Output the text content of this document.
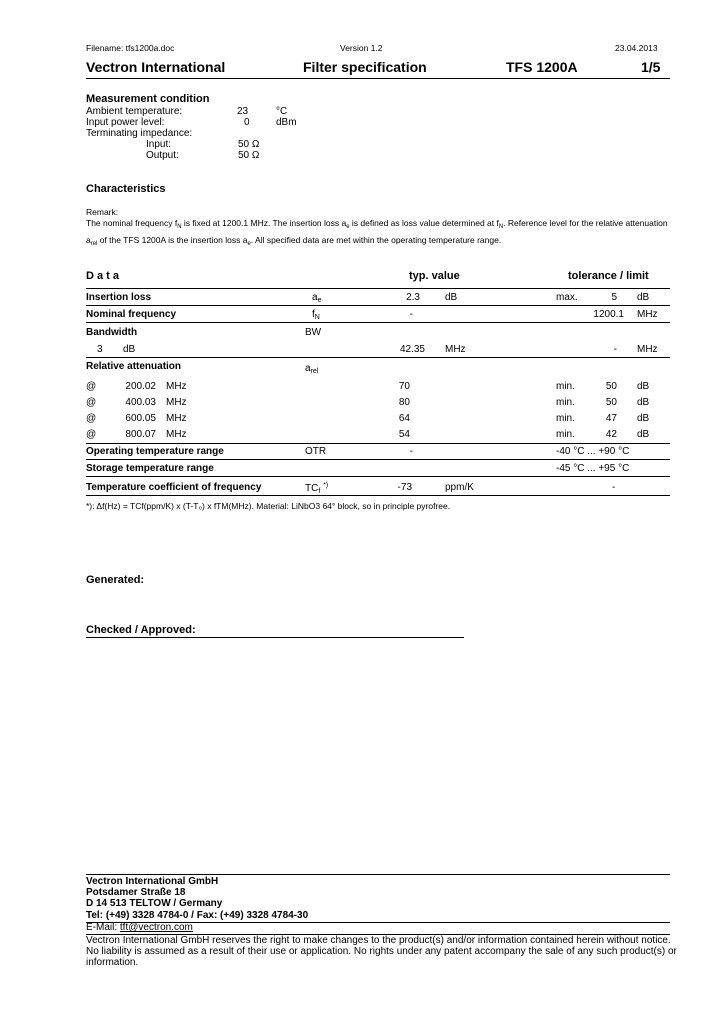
Filename: tfs1200a.doc	Version 1.2	23.04.2013
Vectron International	Filter specification	TFS 1200A	1/5
Measurement condition
Ambient temperature:	23	°C
Input power level:	0	dBm
Terminating impedance:
Input:	50 Ω
Output:	50 Ω
Characteristics
Remark:
The nominal frequency $f_N$ is fixed at 1200.1 MHz. The insertion loss $a_e$ is defined as loss value determined at $f_N$. Reference level for the relative attenuation $a_{rel}$ of the TFS 1200A is the insertion loss $a_e$. All specified data are met within the operating temperature range.
D a t a	typ. value	tolerance / limit
Insertion loss	$a_e$	2.3	dB	max.	5 dB
Nominal frequency	$f_N$	-	1200.1 MHz
Bandwidth	BW
3 dB	42.35 MHz	- MHz
Relative attenuation	$a_{rel}$
@	200.02 MHz	70	min.	50 dB
@	400.03 MHz	80	min.	50 dB
@	600.05 MHz	64	min.	47 dB
@	800.07 MHz	54	min.	42 dB
Operating temperature range	OTR	-	-40 °C ... +90 °C
Storage temperature range	-45 °C ... +95 °C
Temperature coefficient of frequency	$TC_f$ *)	-73	ppm/K	-
*): Δf(Hz) = TCf(ppm/K) x (T-T₀) x fTM(MHz). Material: LiNbO3 64° block, so in principle pyrofree.
Generated:
Checked / Approved:
Vectron International GmbH
Potsdamer Straße 18
D 14 513 TELTOW / Germany
Tel: (+49) 3328 4784-0 / Fax: (+49) 3328 4784-30
E-Mail: tft@vectron.com
Vectron International GmbH reserves the right to make changes to the product(s) and/or information contained herein without notice.
No liability is assumed as a result of their use or application. No rights under any patent accompany the sale of any such product(s) or
information.
